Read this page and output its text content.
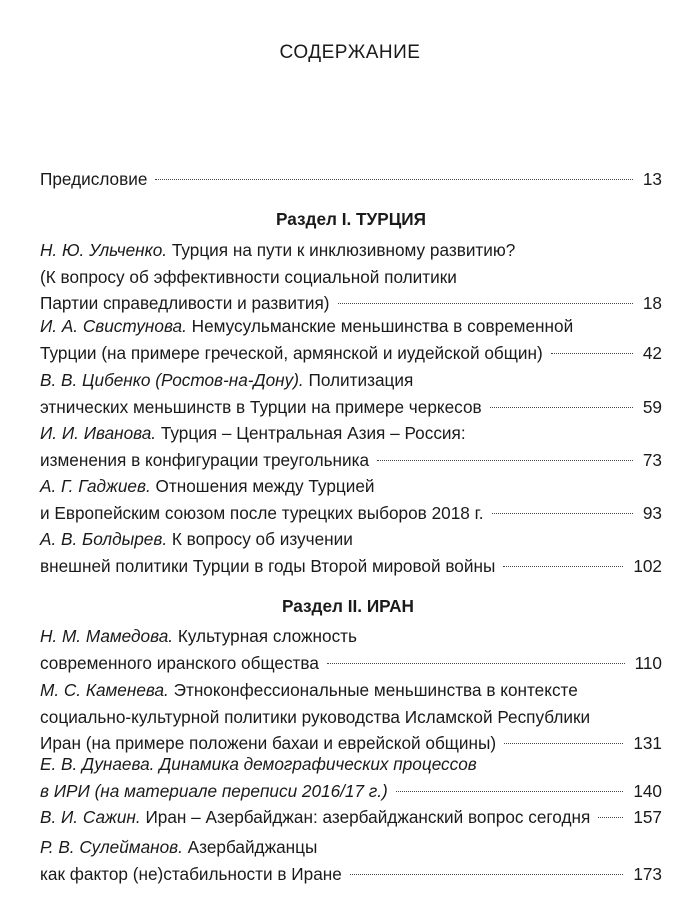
СОДЕРЖАНИЕ
Предисловие	13
Раздел I. ТУРЦИЯ
Н. Ю. Ульченко. Турция на пути к инклюзивному развитию?
(К вопросу об эффективности социальной политики
Партии справедливости и развития)	18
И. А. Свистунова. Немусульманские меньшинства в современной
Турции (на примере греческой, армянской и иудейской общин)	42
В. В. Цибенко (Ростов-на-Дону). Политизация
этнических меньшинств в Турции на примере черкесов	59
И. И. Иванова. Турция – Центральная Азия – Россия:
изменения в конфигурации треугольника	73
А. Г. Гаджиев. Отношения между Турцией
и Европейским союзом после турецких выборов 2018 г.	93
А. В. Болдырев. К вопросу об изучении
внешней политики Турции в годы Второй мировой войны	102
Раздел II. ИРАН
Н. М. Мамедова. Культурная сложность
современного иранского общества	110
М. С. Каменева. Этноконфессиональные меньшинства в контексте
социально-культурной политики руководства Исламской Республики
Иран (на примере положени бахаи и еврейской общины)	131
Е. В. Дунаева. Динамика демографических процессов
в ИРИ (на материале переписи 2016/17 г.)	140
В. И. Сажин. Иран – Азербайджан: азербайджанский вопрос сегодня	157
Р. В. Сулейманов. Азербайджанцы
как фактор (не)стабильности в Иране	173
